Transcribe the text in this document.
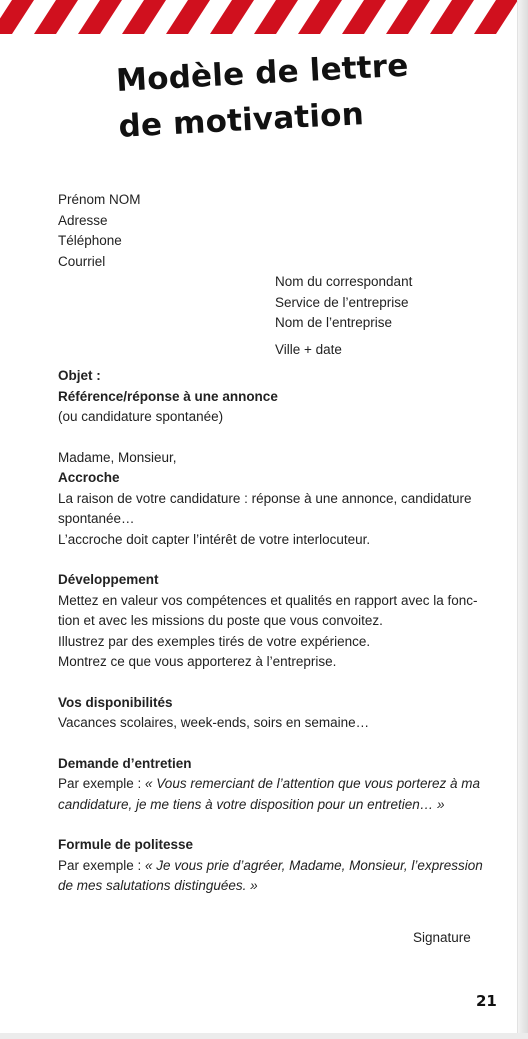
Modèle de lettre
de motivation
Prénom NOM
Adresse
Téléphone
Courriel
Nom du correspondant
Service de l’entreprise
Nom de l’entreprise
Ville + date
Objet :
Référence/réponse à une annonce
(ou candidature spontanée)
Madame, Monsieur,
Accroche
La raison de votre candidature : réponse à une annonce, candidature
spontanée…
L’accroche doit capter l’intérêt de votre interlocuteur.
Développement
Mettez en valeur vos compétences et qualités en rapport avec la fonc-
tion et avec les missions du poste que vous convoitez.
Illustrez par des exemples tirés de votre expérience.
Montrez ce que vous apporterez à l’entreprise.
Vos disponibilités
Vacances scolaires, week-ends, soirs en semaine…
Demande d’entretien
Par exemple : « Vous remerciant de l’attention que vous porterez à ma
candidature, je me tiens à votre disposition pour un entretien… »
Formule de politesse
Par exemple : « Je vous prie d’agréer, Madame, Monsieur, l’expression
de mes salutations distinguées. »
Signature
21
